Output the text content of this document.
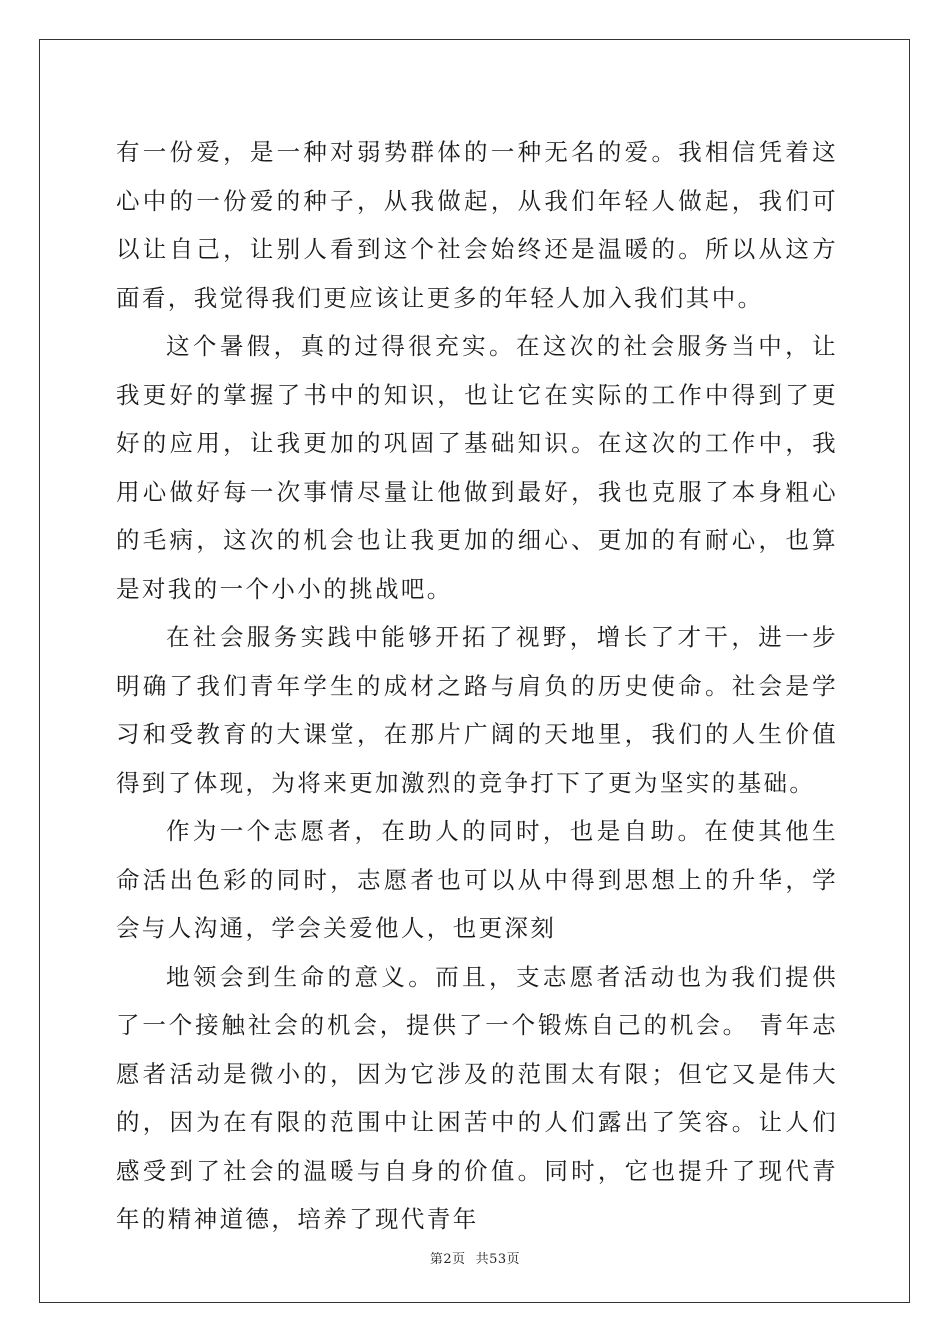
有一份爱，是一种对弱势群体的一种无名的爱。我相信凭着这心中的一份爱的种子，从我做起，从我们年轻人做起，我们可以让自己，让别人看到这个社会始终还是温暖的。所以从这方面看，我觉得我们更应该让更多的年轻人加入我们其中。

这个暑假，真的过得很充实。在这次的社会服务当中，让我更好的掌握了书中的知识，也让它在实际的工作中得到了更好的应用，让我更加的巩固了基础知识。在这次的工作中，我用心做好每一次事情尽量让他做到最好，我也克服了本身粗心的毛病，这次的机会也让我更加的细心、更加的有耐心，也算是对我的一个小小的挑战吧。

在社会服务实践中能够开拓了视野，增长了才干，进一步明确了我们青年学生的成材之路与肩负的历史使命。社会是学习和受教育的大课堂，在那片广阔的天地里，我们的人生价值得到了体现，为将来更加激烈的竞争打下了更为坚实的基础。

作为一个志愿者，在助人的同时，也是自助。在使其他生命活出色彩的同时，志愿者也可以从中得到思想上的升华，学会与人沟通，学会关爱他人，也更深刻

地领会到生命的意义。而且，支志愿者活动也为我们提供了一个接触社会的机会，提供了一个锻炼自己的机会。 青年志愿者活动是微小的，因为它涉及的范围太有限；但它又是伟大的，因为在有限的范围中让困苦中的人们露出了笑容。让人们感受到了社会的温暖与自身的价值。同时，它也提升了现代青年的精神道德，培养了现代青年

第2页 共53页
